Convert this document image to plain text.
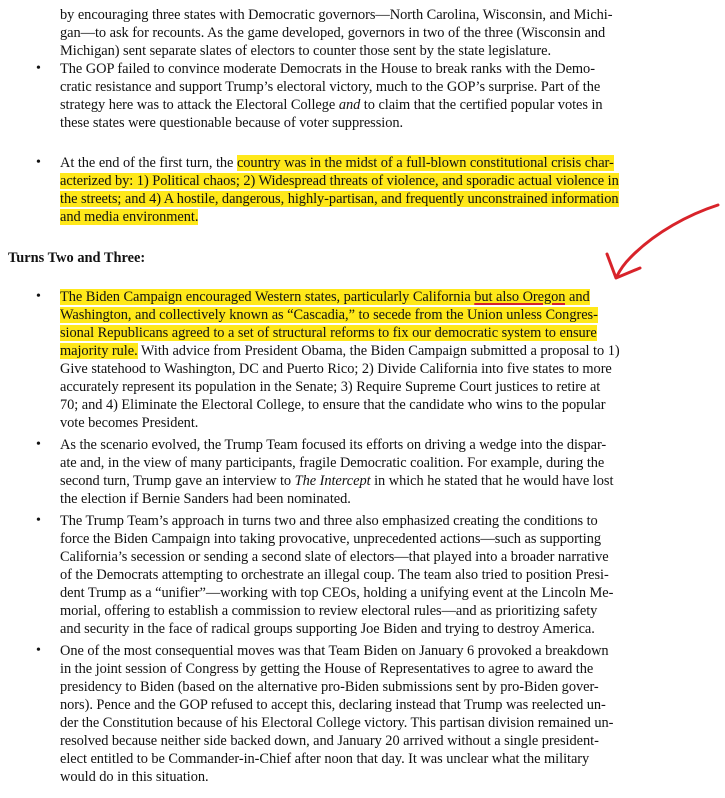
by encouraging three states with Democratic governors—North Carolina, Wisconsin, and Michi-
gan—to ask for recounts. As the game developed, governors in two of the three (Wisconsin and
Michigan) sent separate slates of electors to counter those sent by the state legislature.
• The GOP failed to convince moderate Democrats in the House to break ranks with the Demo-
cratic resistance and support Trump’s electoral victory, much to the GOP’s surprise. Part of the
strategy here was to attack the Electoral College and to claim that the certified popular votes in
these states were questionable because of voter suppression.
• At the end of the first turn, the country was in the midst of a full-blown constitutional crisis char-
acterized by: 1) Political chaos; 2) Widespread threats of violence, and sporadic actual violence in
the streets; and 4) A hostile, dangerous, highly-partisan, and frequently unconstrained information
and media environment.
Turns Two and Three:
• The Biden Campaign encouraged Western states, particularly California but also Oregon and
Washington, and collectively known as “Cascadia,” to secede from the Union unless Congres-
sional Republicans agreed to a set of structural reforms to fix our democratic system to ensure
majority rule. With advice from President Obama, the Biden Campaign submitted a proposal to 1)
Give statehood to Washington, DC and Puerto Rico; 2) Divide California into five states to more
accurately represent its population in the Senate; 3) Require Supreme Court justices to retire at
70; and 4) Eliminate the Electoral College, to ensure that the candidate who wins to the popular
vote becomes President.
• As the scenario evolved, the Trump Team focused its efforts on driving a wedge into the dispar-
ate and, in the view of many participants, fragile Democratic coalition. For example, during the
second turn, Trump gave an interview to The Intercept in which he stated that he would have lost
the election if Bernie Sanders had been nominated.
• The Trump Team’s approach in turns two and three also emphasized creating the conditions to
force the Biden Campaign into taking provocative, unprecedented actions—such as supporting
California’s secession or sending a second slate of electors—that played into a broader narrative
of the Democrats attempting to orchestrate an illegal coup. The team also tried to position Presi-
dent Trump as a “unifier”—working with top CEOs, holding a unifying event at the Lincoln Me-
morial, offering to establish a commission to review electoral rules—and as prioritizing safety
and security in the face of radical groups supporting Joe Biden and trying to destroy America.
• One of the most consequential moves was that Team Biden on January 6 provoked a breakdown
in the joint session of Congress by getting the House of Representatives to agree to award the
presidency to Biden (based on the alternative pro-Biden submissions sent by pro-Biden gover-
nors). Pence and the GOP refused to accept this, declaring instead that Trump was reelected un-
der the Constitution because of his Electoral College victory. This partisan division remained un-
resolved because neither side backed down, and January 20 arrived without a single president-
elect entitled to be Commander-in-Chief after noon that day. It was unclear what the military
would do in this situation.
